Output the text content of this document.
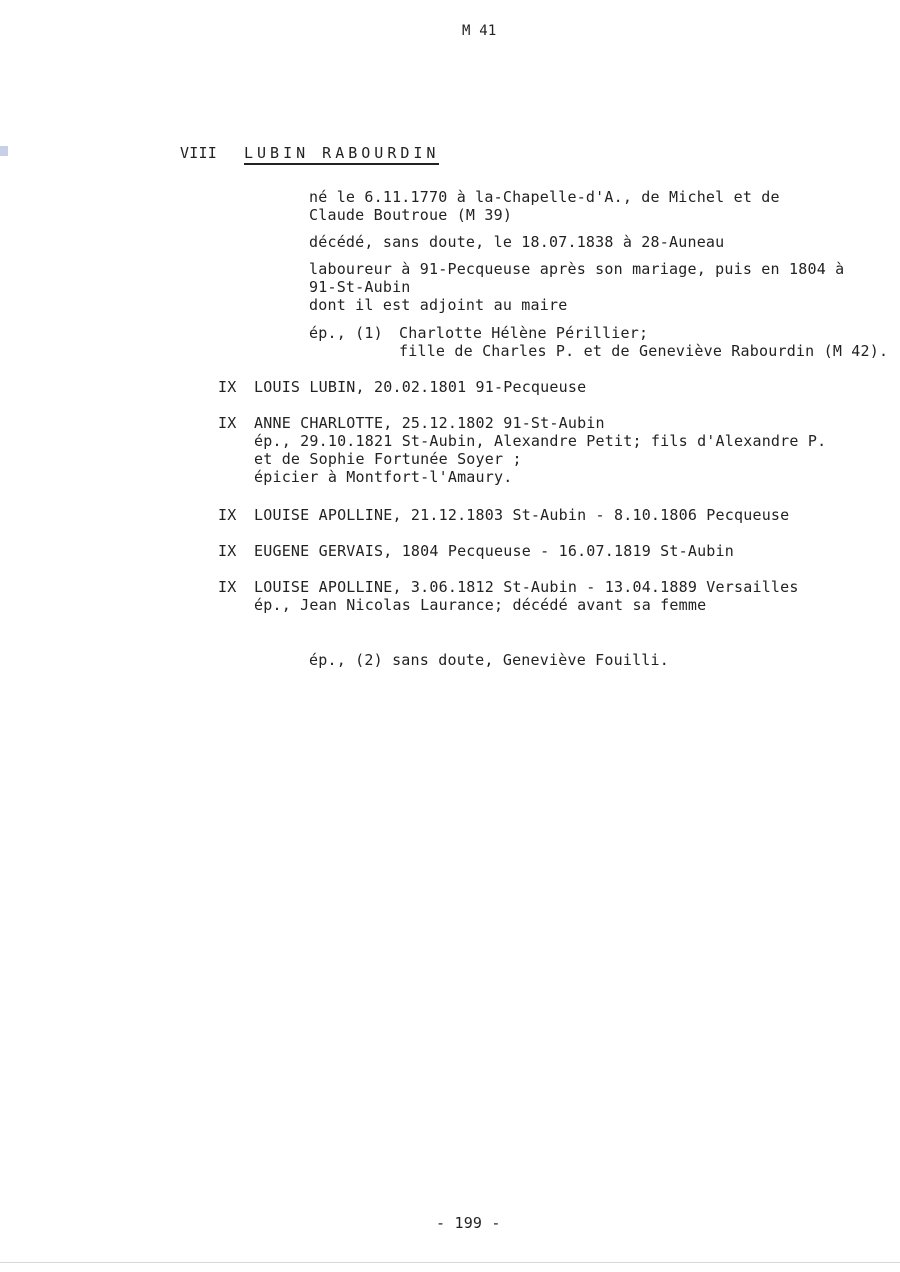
M 41
VIII LUBIN RABOURDIN
né le 6.11.1770 à la-Chapelle-d'A., de Michel et de
Claude Boutroue (M 39)
décédé, sans doute, le 18.07.1838 à 28-Auneau
laboureur à 91-Pecqueuse après son mariage, puis en 1804 à
91-St-Aubin
dont il est adjoint au maire
ép., (1) Charlotte Hélène Périllier;
fille de Charles P. et de Geneviève Rabourdin (M 42).
IX LOUIS LUBIN, 20.02.1801 91-Pecqueuse
IX ANNE CHARLOTTE, 25.12.1802 91-St-Aubin
ép., 29.10.1821 St-Aubin, Alexandre Petit; fils d'Alexandre P.
et de Sophie Fortunée Soyer ;
épicier à Montfort-l'Amaury.
IX LOUISE APOLLINE, 21.12.1803 St-Aubin - 8.10.1806 Pecqueuse
IX EUGENE GERVAIS, 1804 Pecqueuse - 16.07.1819 St-Aubin
IX LOUISE APOLLINE, 3.06.1812 St-Aubin - 13.04.1889 Versailles
ép., Jean Nicolas Laurance; décédé avant sa femme
ép., (2) sans doute, Geneviève Fouilli.
- 199 -
